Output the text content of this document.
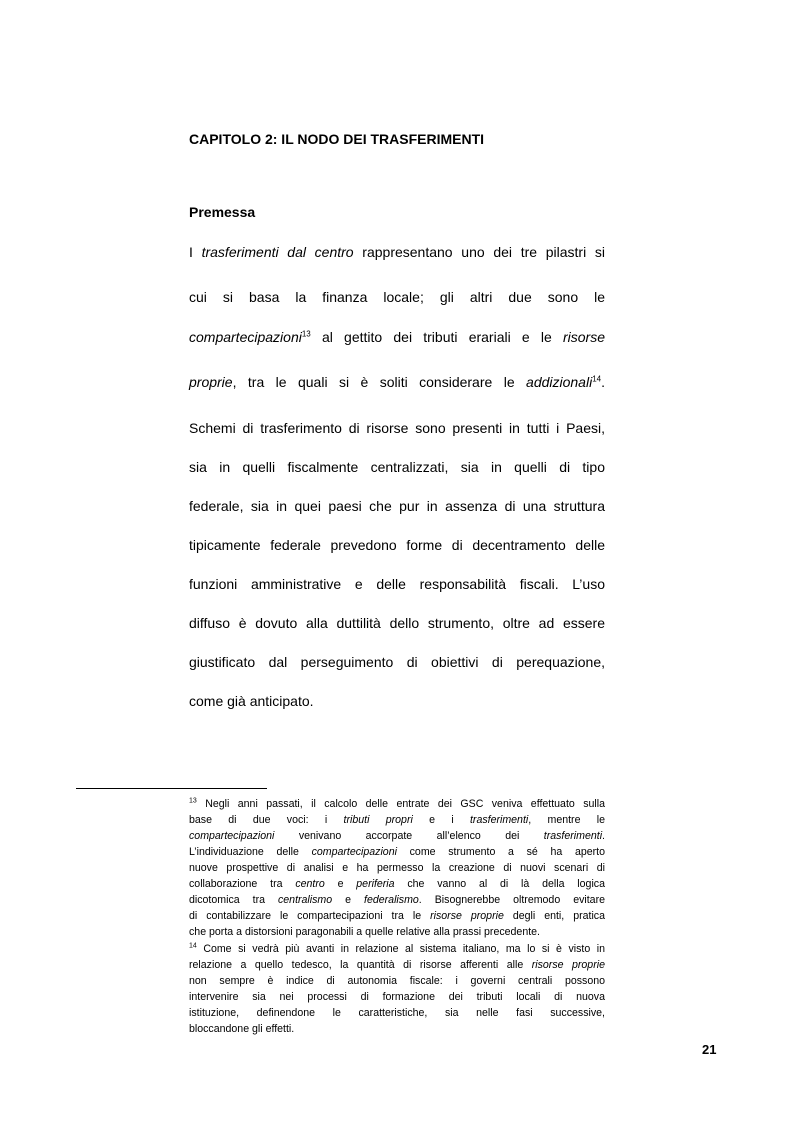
CAPITOLO 2: IL NODO DEI TRASFERIMENTI
Premessa
I trasferimenti dal centro rappresentano uno dei tre pilastri si
cui si basa la finanza locale; gli altri due sono le
compartecipazioni$^{13}$ al gettito dei tributi erariali e le risorse
proprie, tra le quali si è soliti considerare le addizionali$^{14}$.
Schemi di trasferimento di risorse sono presenti in tutti i Paesi,
sia in quelli fiscalmente centralizzati, sia in quelli di tipo
federale, sia in quei paesi che pur in assenza di una struttura
tipicamente federale prevedono forme di decentramento delle
funzioni amministrative e delle responsabilità fiscali. L’uso
diffuso è dovuto alla duttilità dello strumento, oltre ad essere
giustificato dal perseguimento di obiettivi di perequazione,
come già anticipato.
$^{13}$ Negli anni passati, il calcolo delle entrate dei GSC veniva effettuato sulla
base di due voci: i tributi propri e i trasferimenti, mentre le
compartecipazioni venivano accorpate all’elenco dei trasferimenti.
L’individuazione delle compartecipazioni come strumento a sé ha aperto
nuove prospettive di analisi e ha permesso la creazione di nuovi scenari di
collaborazione tra centro e periferia che vanno al di là della logica
dicotomica tra centralismo e federalismo. Bisognerebbe oltremodo evitare
di contabilizzare le compartecipazioni tra le risorse proprie degli enti, pratica
che porta a distorsioni paragonabili a quelle relative alla prassi precedente.
$^{14}$ Come si vedrà più avanti in relazione al sistema italiano, ma lo si è visto in
relazione a quello tedesco, la quantità di risorse afferenti alle risorse proprie
non sempre è indice di autonomia fiscale: i governi centrali possono
intervenire sia nei processi di formazione dei tributi locali di nuova
istituzione, definendone le caratteristiche, sia nelle fasi successive,
bloccandone gli effetti.
21
